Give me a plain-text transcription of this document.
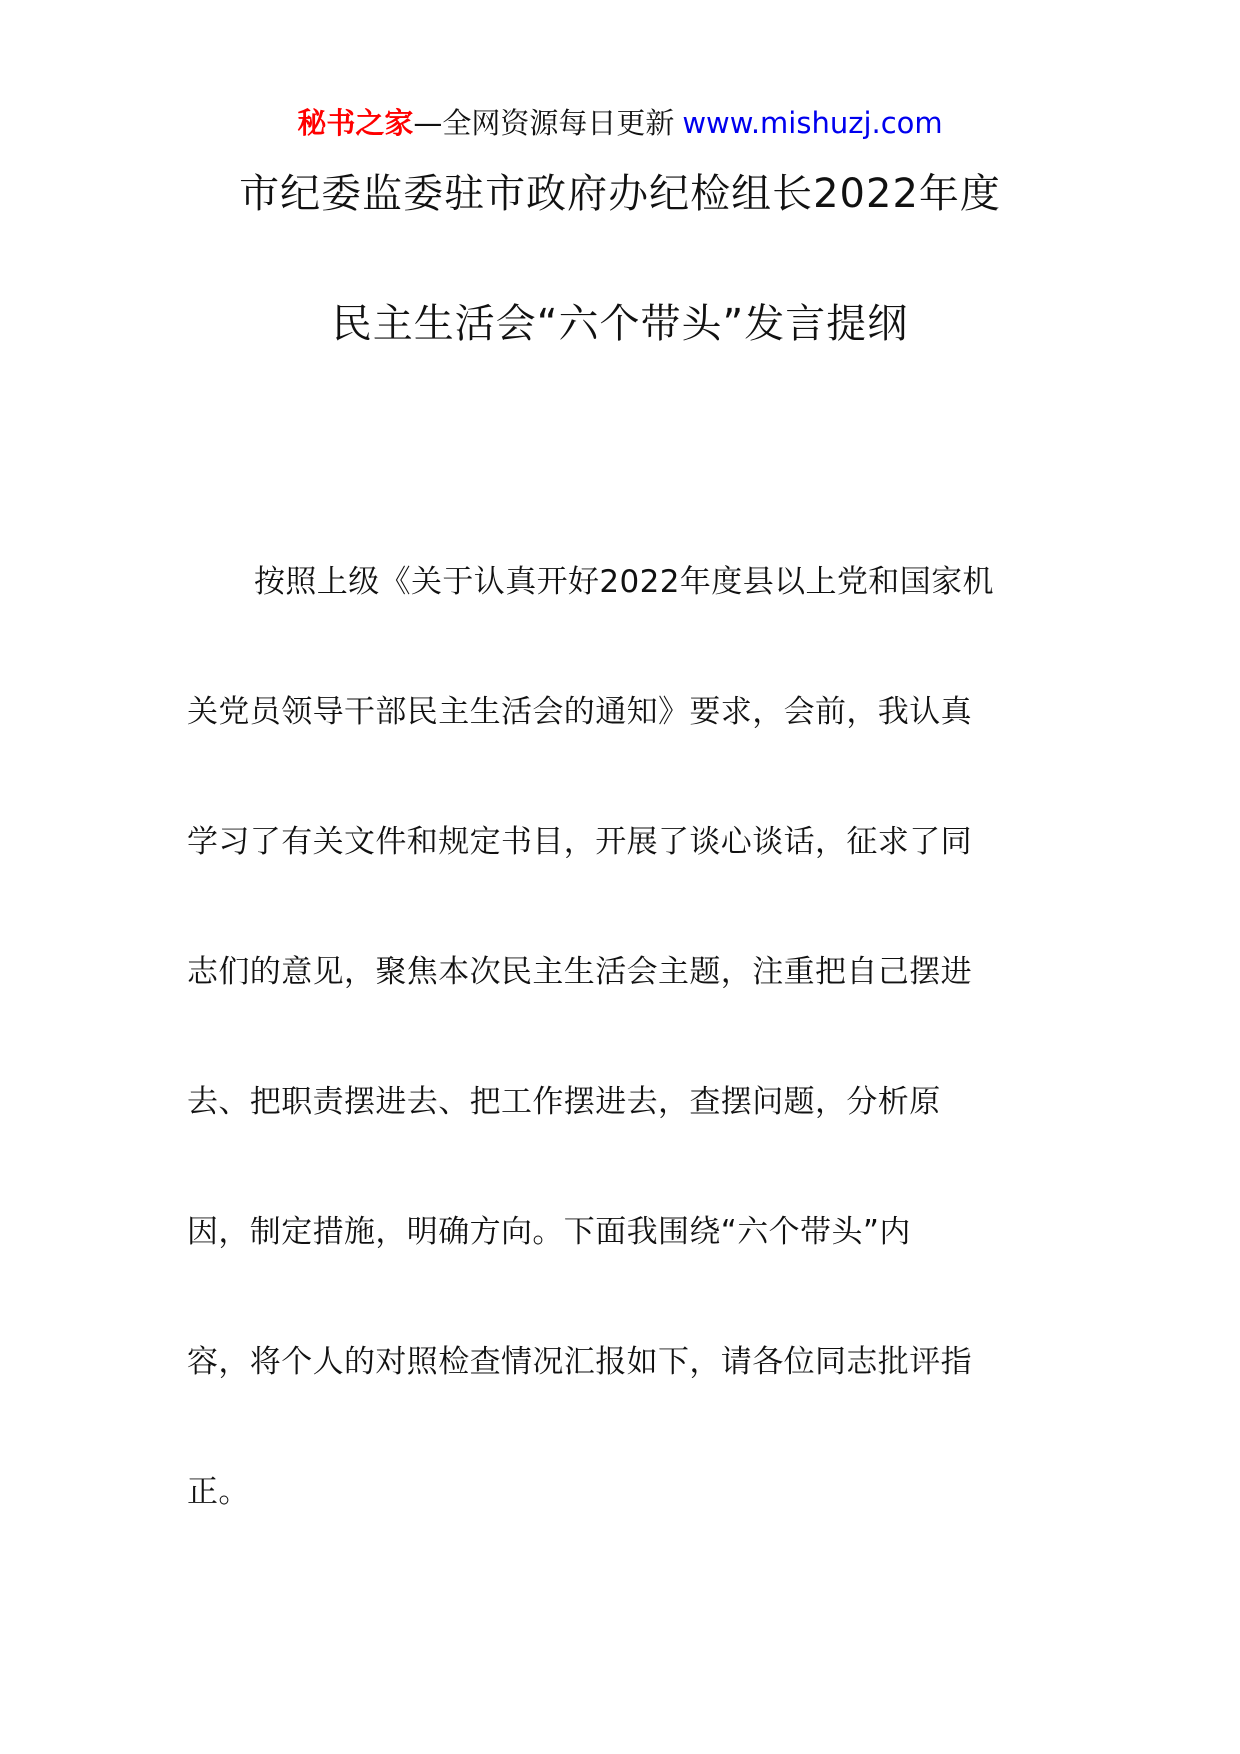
秘书之家—全网资源每日更新 www.mishuzj.com
市纪委监委驻市政府办纪检组长2022年度
民主生活会“六个带头”发言提纲
按照上级《关于认真开好2022年度县以上党和国家机
关党员领导干部民主生活会的通知》要求，会前，我认真
学习了有关文件和规定书目，开展了谈心谈话，征求了同
志们的意见，聚焦本次民主生活会主题，注重把自己摆进
去、把职责摆进去、把工作摆进去，查摆问题，分析原
因，制定措施，明确方向。下面我围绕“六个带头”内
容，将个人的对照检查情况汇报如下，请各位同志批评指
正。
